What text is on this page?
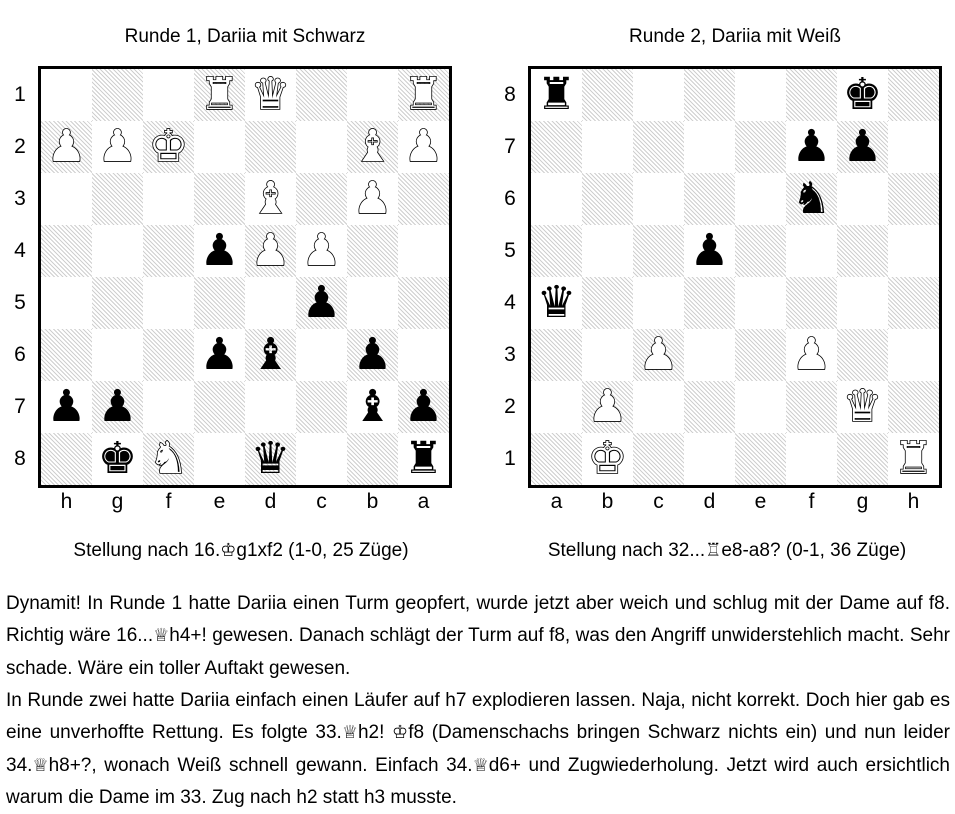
Runde 1, Dariia mit Schwarz
♜ ♛	♜
♟ ♟ ♚	♝ ♟
♝ ♟
♟ ♟ ♟
♟
♟ ♝ ♟
♟ ♟	♝ ♟
♚ ♞ ♛	♜
1
2
3
4
5
6
7
8
h	g	f	e	d	c	b	a
Stellung nach 16.♔g1xf2 (1-0, 25 Züge)
Runde 2, Dariia mit Weiß
♜	♚
♟ ♟
♞
♟
♛
♟	♟
♟	♛
♚	♜
8
7
6
5
4
3
2
1
a	b	c	d	e	f	g	h
Stellung nach 32...♖e8-a8? (0-1, 36 Züge)

Dynamit! In Runde 1 hatte Dariia einen Turm geopfert, wurde jetzt aber weich und schlug mit der Dame auf f8. Richtig wäre 16...♕h4+! gewesen. Danach schlägt der Turm auf f8, was den Angriff unwiderstehlich macht. Sehr schade. Wäre ein toller Auftakt gewesen.

In Runde zwei hatte Dariia einfach einen Läufer auf h7 explodieren lassen. Naja, nicht korrekt. Doch hier gab es eine unverhoffte Rettung. Es folgte 33.♕h2! ♔f8 (Damenschachs bringen Schwarz nichts ein) und nun leider 34.♕h8+?, wonach Weiß schnell gewann. Einfach 34.♕d6+ und Zugwiederholung. Jetzt wird auch ersichtlich warum die Dame im 33. Zug nach h2 statt h3 musste.
